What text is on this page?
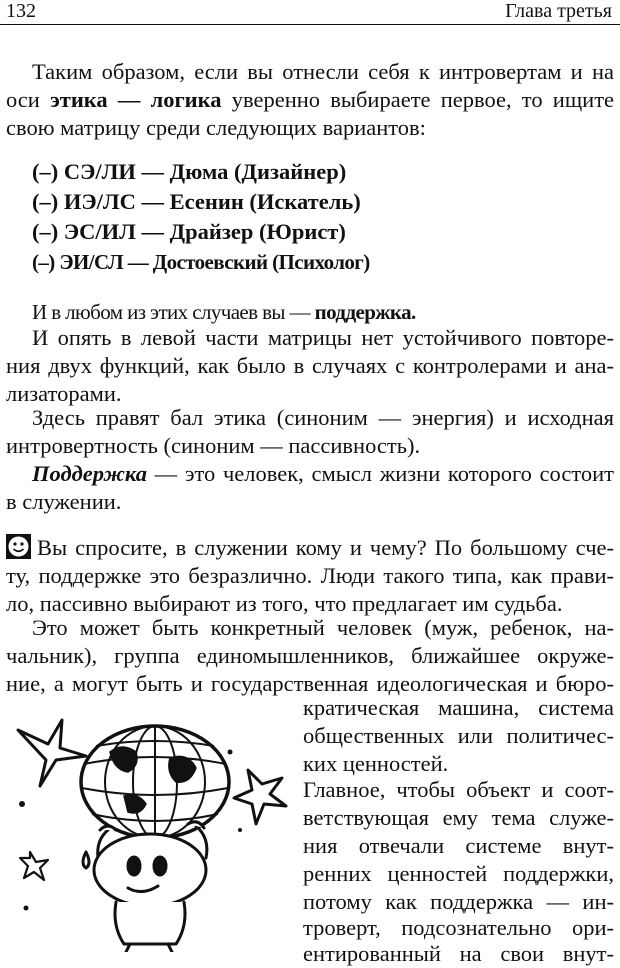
132	Глава третья
Таким образом, если вы отнесли себя к интровертам и на
оси этика — логика уверенно выбираете первое, то ищите
свою матрицу среди следующих вариантов:
(–) СЭ/ЛИ — Дюма (Дизайнер)
(–) ИЭ/ЛС — Есенин (Искатель)
(–) ЭС/ИЛ — Драйзер (Юрист)
(–) ЭИ/СЛ — Достоевский (Психолог)
И в любом из этих случаев вы — поддержка.
И опять в левой части матрицы нет устойчивого повторе-
ния двух функций, как было в случаях с контролерами и ана-
лизаторами.
Здесь правят бал этика (синоним — энергия) и исходная
интровертность (синоним — пассивность).
Поддержка — это человек, смысл жизни которого состоит
в служении.
Вы спросите, в служении кому и чему? По большому сче-
ту, поддержке это безразлично. Люди такого типа, как прави-
ло, пассивно выбирают из того, что предлагает им судьба.
Это может быть конкретный человек (муж, ребенок, на-
чальник), группа единомышленников, ближайшее окруже-
ние, а могут быть и государственная идеологическая и бюро-
кратическая машина, система
общественных или политичес-
ких ценностей.
Главное, чтобы объект и соот-
ветствующая ему тема служе-
ния отвечали системе внут-
ренних ценностей поддержки,
потому как поддержка — ин-
троверт, подсознательно ори-
ентированный на свои внут-
